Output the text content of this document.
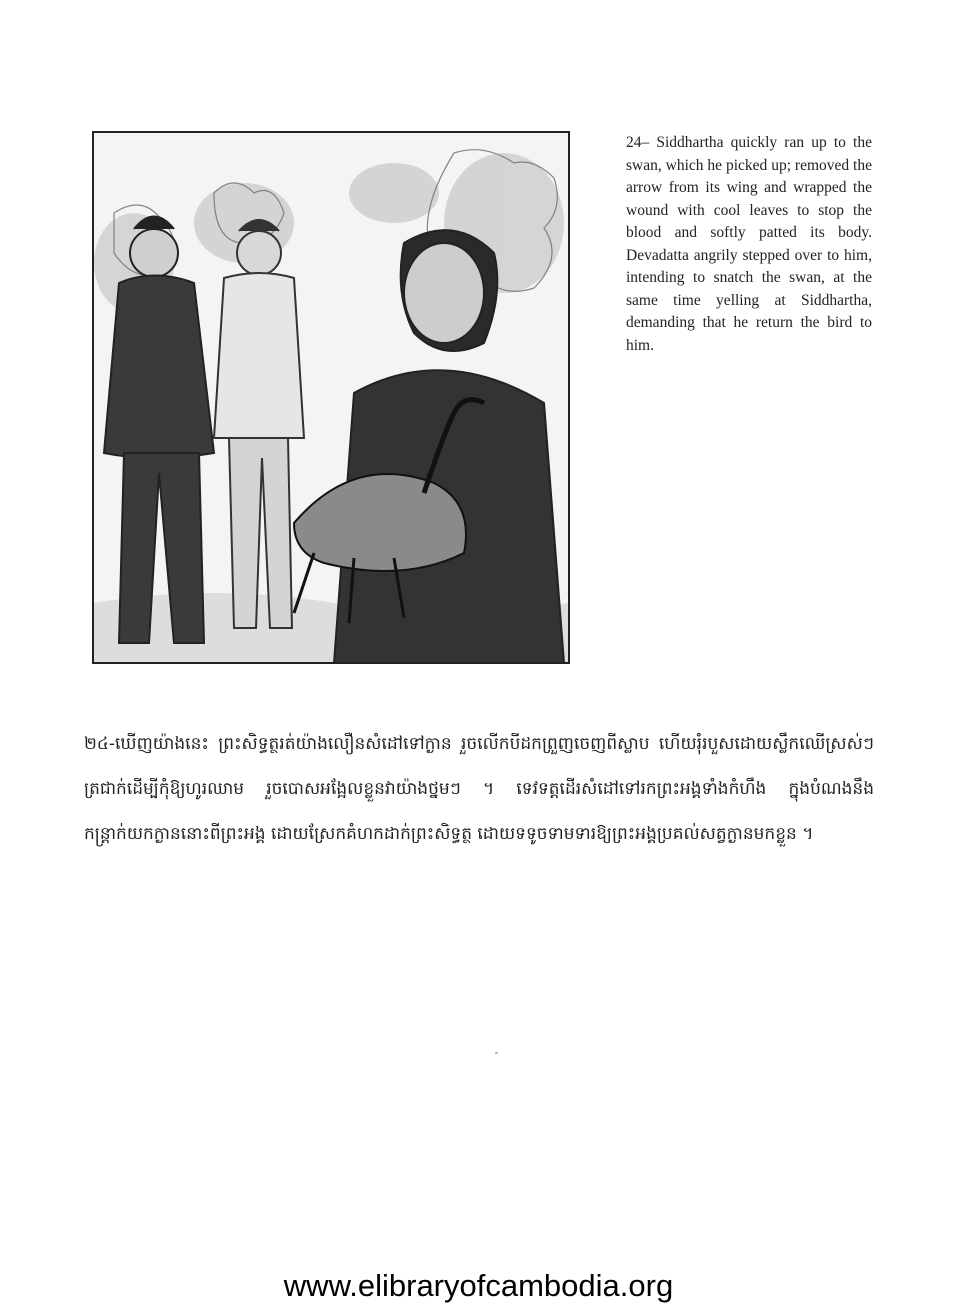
24– Siddhartha quickly ran up to the swan, which he picked up; removed the arrow from its wing and wrapped the wound with cool leaves to stop the blood and softly patted its body. Devadatta angrily stepped over to him, intending to snatch the swan, at the same time yelling at Siddhartha, demanding that he return the bird to him.

២៤-ឃើញយ៉ាងនេះ ព្រះសិទ្ធត្ថរត់យ៉ាងលឿនសំដៅទៅក្ងាន រួចលើកបីដកព្រួញចេញពីស្លាប ហើយរុំរបួសដោយស្លឹកឈើស្រស់ៗត្រជាក់ដើម្បីកុំឱ្យហូរឈាម រួចបោសអង្អែលខ្លួនវាយ៉ាងថ្នមៗ ។ ទេវទត្តដើរសំដៅទៅរកព្រះអង្គទាំងកំហឹង ក្នុងបំណងនឹងកន្ត្រាក់យកក្ងាននោះពីព្រះអង្គ ដោយស្រែកគំហកដាក់ព្រះសិទ្ធត្ថ ដោយទទូចទាមទារឱ្យព្រះអង្គប្រគល់សត្វក្ងានមកខ្លួន ។

www.elibraryofcambodia.org
